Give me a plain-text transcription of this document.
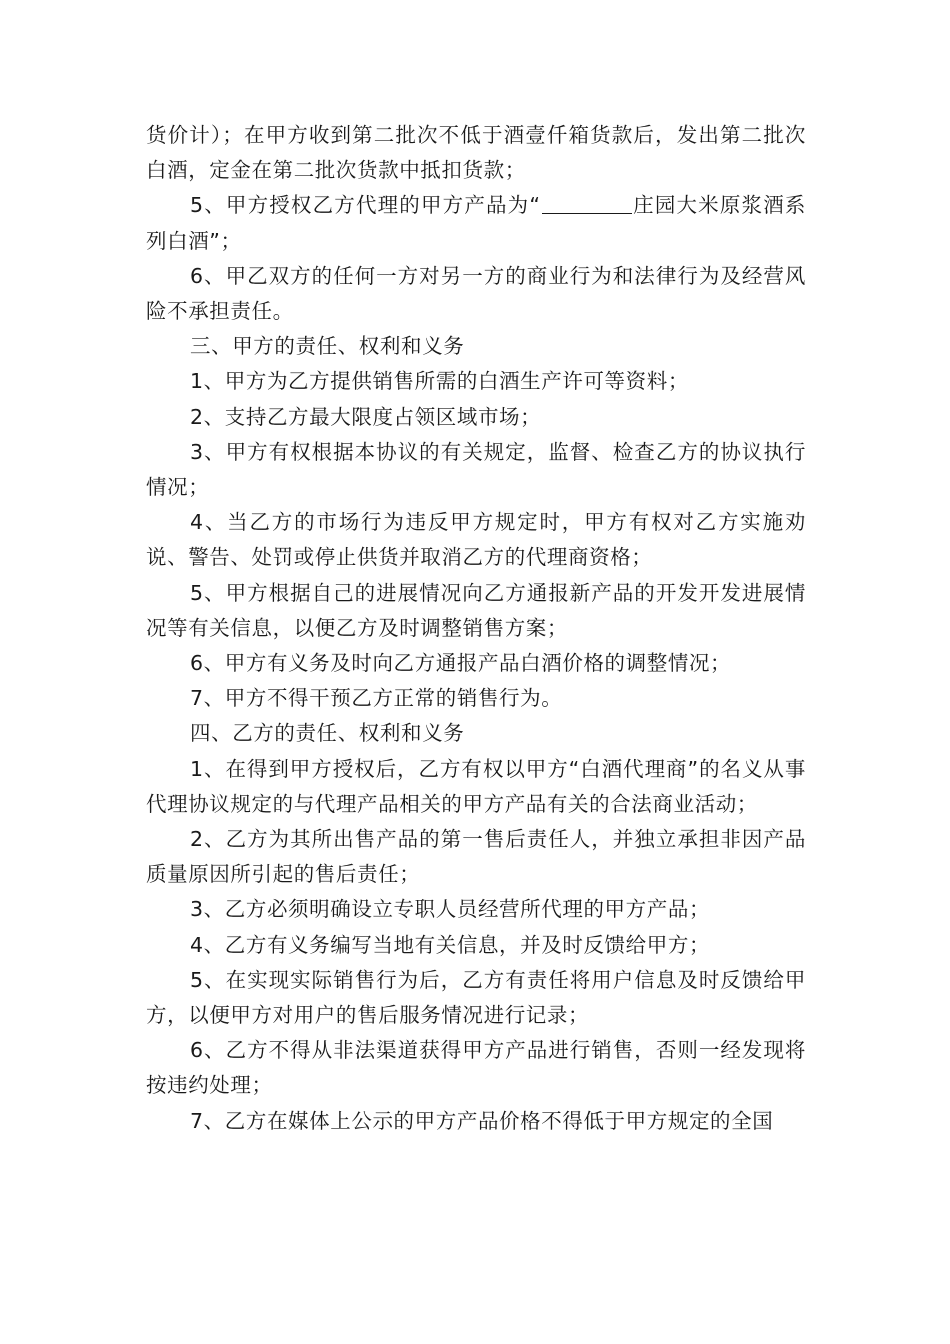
货价计）；在甲方收到第二批次不低于酒壹仟箱货款后，发出第二批次白酒，定金在第二批次货款中抵扣货款；

5、甲方授权乙方代理的甲方产品为“	庄园大米原浆酒系列白酒”；

6、甲乙双方的任何一方对另一方的商业行为和法律行为及经营风险不承担责任。

三、甲方的责任、权利和义务

1、甲方为乙方提供销售所需的白酒生产许可等资料；

2、支持乙方最大限度占领区域市场；

3、甲方有权根据本协议的有关规定，监督、检查乙方的协议执行情况；

4、当乙方的市场行为违反甲方规定时，甲方有权对乙方实施劝说、警告、处罚或停止供货并取消乙方的代理商资格；

5、甲方根据自己的进展情况向乙方通报新产品的开发开发进展情况等有关信息，以便乙方及时调整销售方案；

6、甲方有义务及时向乙方通报产品白酒价格的调整情况；

7、甲方不得干预乙方正常的销售行为。

四、乙方的责任、权利和义务

1、在得到甲方授权后，乙方有权以甲方“白酒代理商”的名义从事代理协议规定的与代理产品相关的甲方产品有关的合法商业活动；

2、乙方为其所出售产品的第一售后责任人，并独立承担非因产品质量原因所引起的售后责任；

3、乙方必须明确设立专职人员经营所代理的甲方产品；

4、乙方有义务编写当地有关信息，并及时反馈给甲方；

5、在实现实际销售行为后，乙方有责任将用户信息及时反馈给甲方，以便甲方对用户的售后服务情况进行记录；

6、乙方不得从非法渠道获得甲方产品进行销售，否则一经发现将按违约处理；

7、乙方在媒体上公示的甲方产品价格不得低于甲方规定的全国
